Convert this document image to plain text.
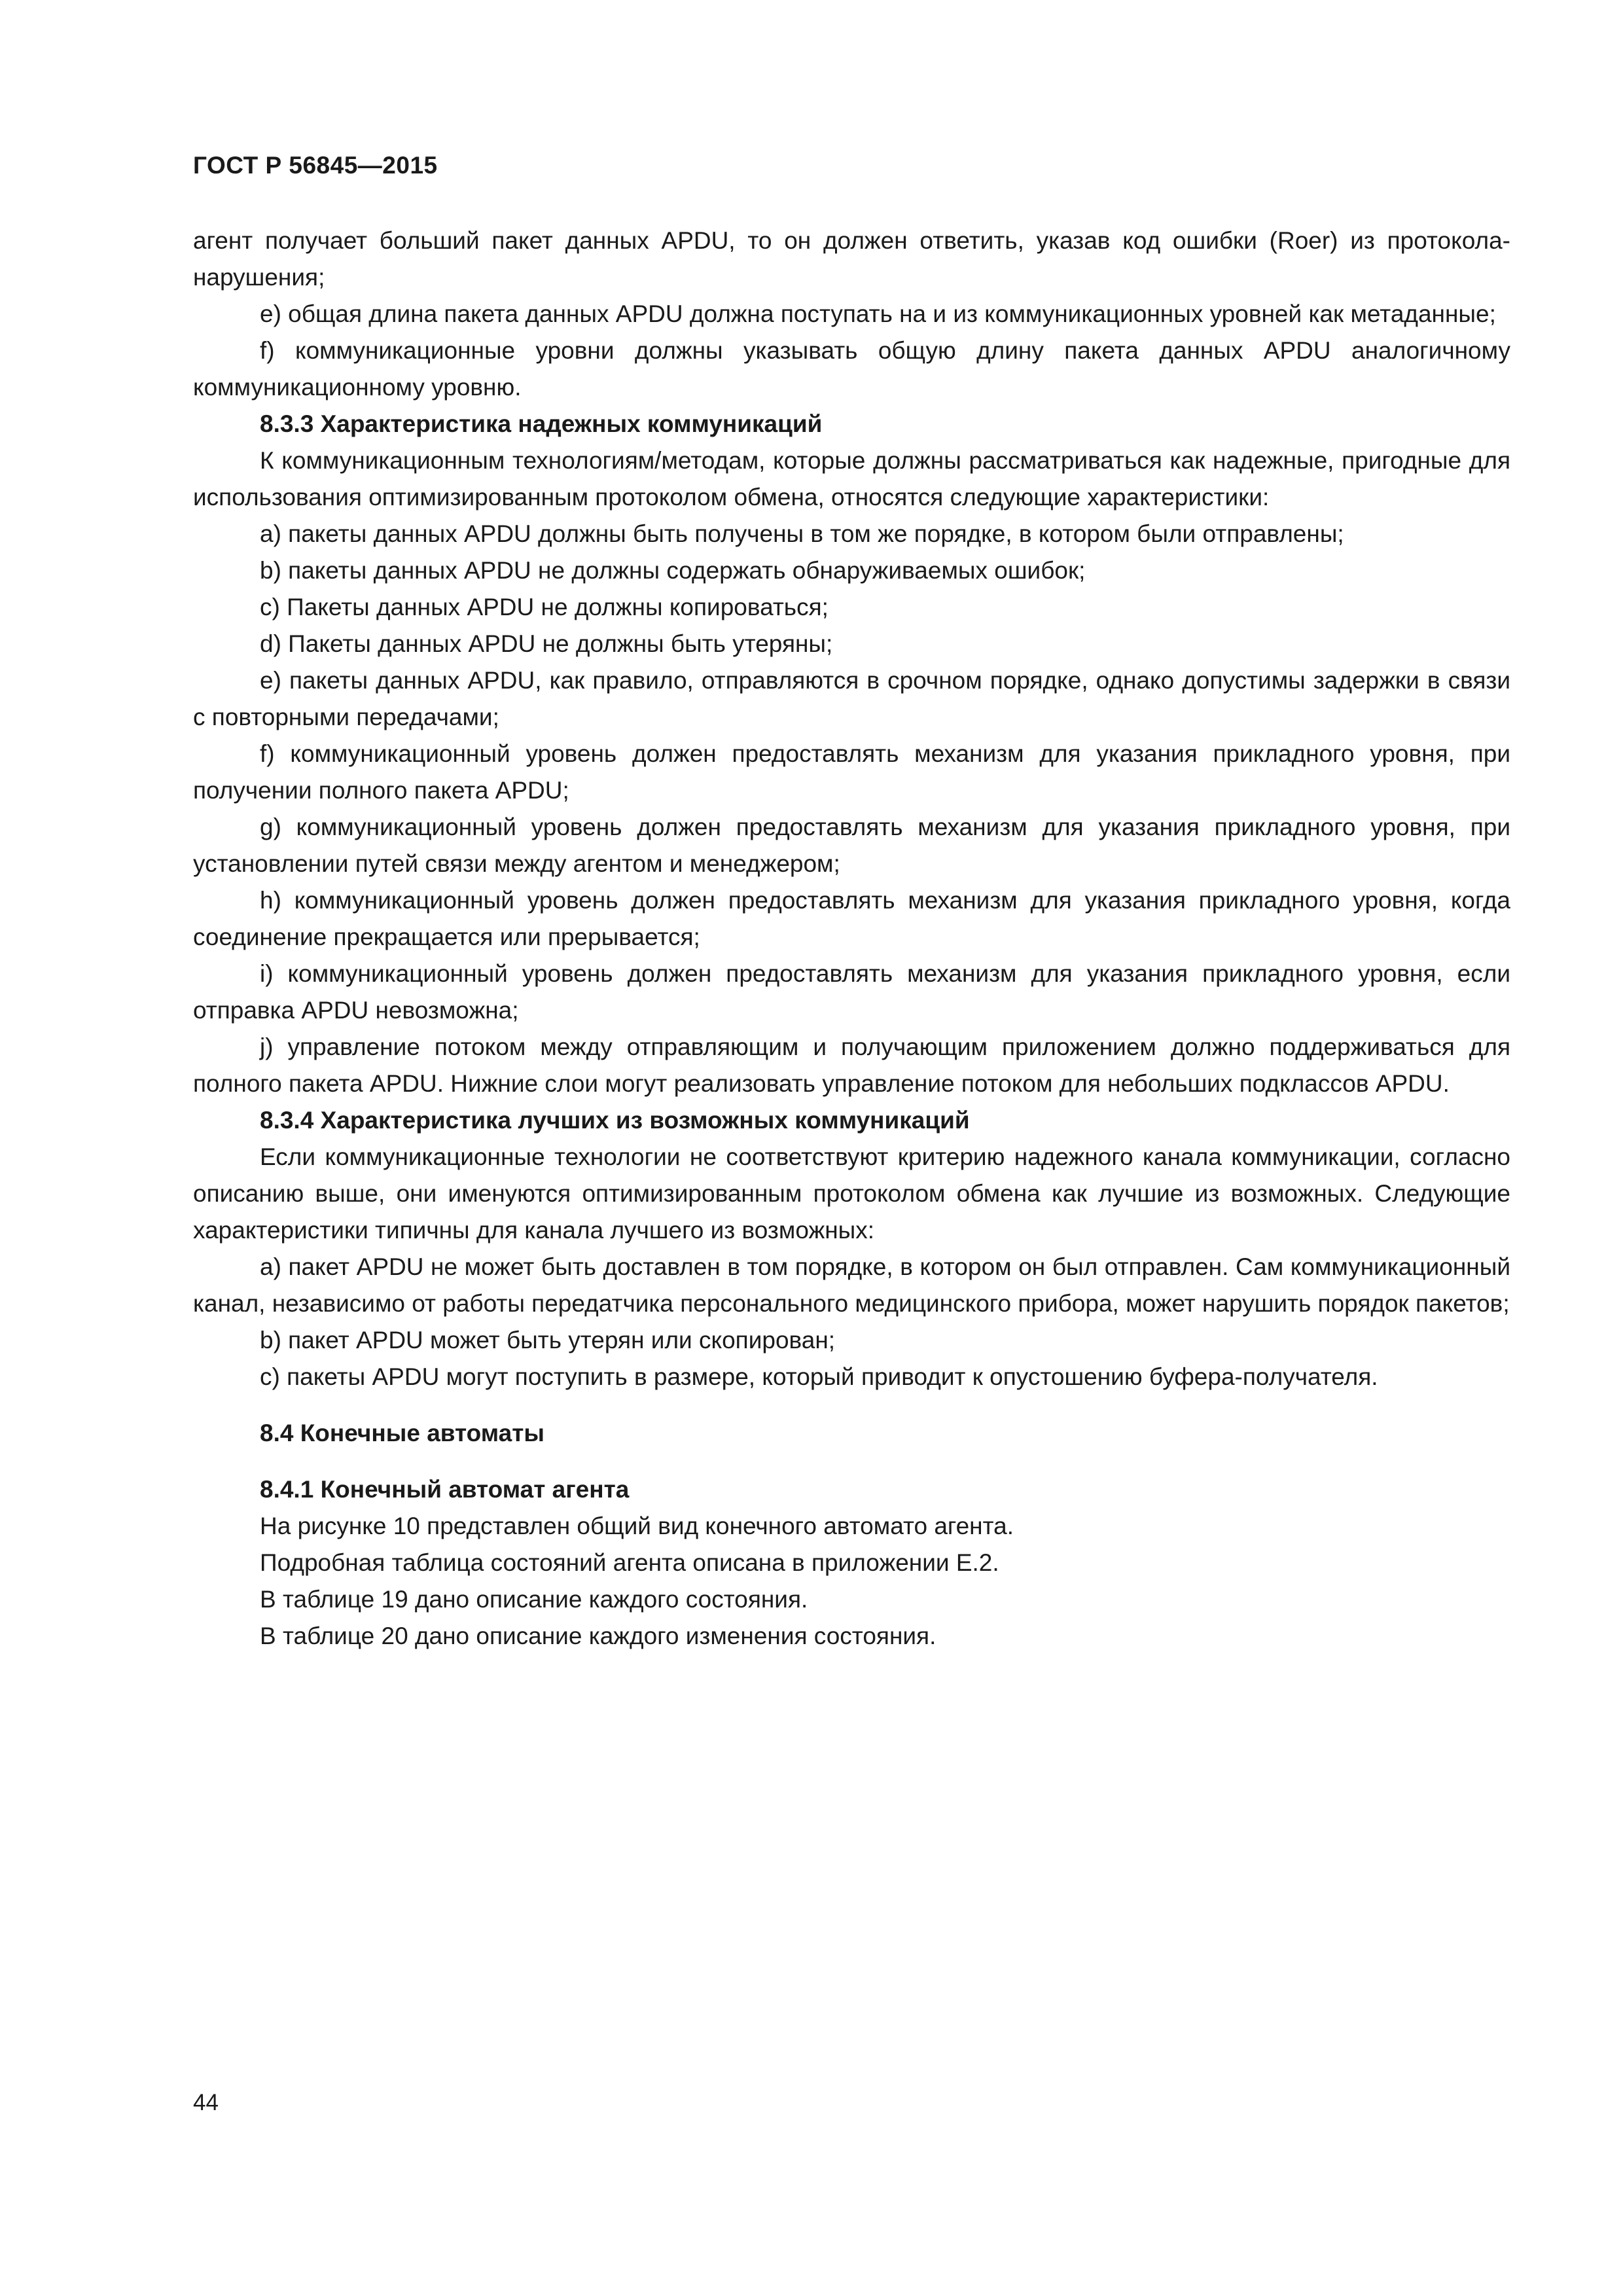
ГОСТ Р 56845—2015

агент получает больший пакет данных APDU, то он должен ответить, указав код ошибки (Roer) из протокола-нарушения;

e) общая длина пакета данных APDU должна поступать на и из коммуникационных уровней как метаданные;

f) коммуникационные уровни должны указывать общую длину пакета данных APDU аналогичному коммуникационному уровню.

8.3.3 Характеристика надежных коммуникаций

К коммуникационным технологиям/методам, которые должны рассматриваться как надежные, пригодные для использования оптимизированным протоколом обмена, относятся следующие характеристики:

a) пакеты данных APDU должны быть получены в том же порядке, в котором были отправлены;

b) пакеты данных APDU не должны содержать обнаруживаемых ошибок;

c) Пакеты данных APDU не должны копироваться;

d) Пакеты данных APDU не должны быть утеряны;

e) пакеты данных APDU, как правило, отправляются в срочном порядке, однако допустимы задержки в связи с повторными передачами;

f) коммуникационный уровень должен предоставлять механизм для указания прикладного уровня, при получении полного пакета APDU;

g) коммуникационный уровень должен предоставлять механизм для указания прикладного уровня, при установлении путей связи между агентом и менеджером;

h) коммуникационный уровень должен предоставлять механизм для указания прикладного уровня, когда соединение прекращается или прерывается;

i) коммуникационный уровень должен предоставлять механизм для указания прикладного уровня, если отправка APDU невозможна;

j) управление потоком между отправляющим и получающим приложением должно поддерживаться для полного пакета APDU. Нижние слои могут реализовать управление потоком для небольших подклассов APDU.

8.3.4 Характеристика лучших из возможных коммуникаций

Если коммуникационные технологии не соответствуют критерию надежного канала коммуникации, согласно описанию выше, они именуются оптимизированным протоколом обмена как лучшие из возможных. Следующие характеристики типичны для канала лучшего из возможных:

a) пакет APDU не может быть доставлен в том порядке, в котором он был отправлен. Сам коммуникационный канал, независимо от работы передатчика персонального медицинского прибора, может нарушить порядок пакетов;

b) пакет APDU может быть утерян или скопирован;

c) пакеты APDU могут поступить в размере, который приводит к опустошению буфера-получателя.

8.4 Конечные автоматы

8.4.1 Конечный автомат агента

На рисунке 10 представлен общий вид конечного автомато агента.

Подробная таблица состояний агента описана в приложении Е.2.

В таблице 19 дано описание каждого состояния.

В таблице 20 дано описание каждого изменения состояния.

44
